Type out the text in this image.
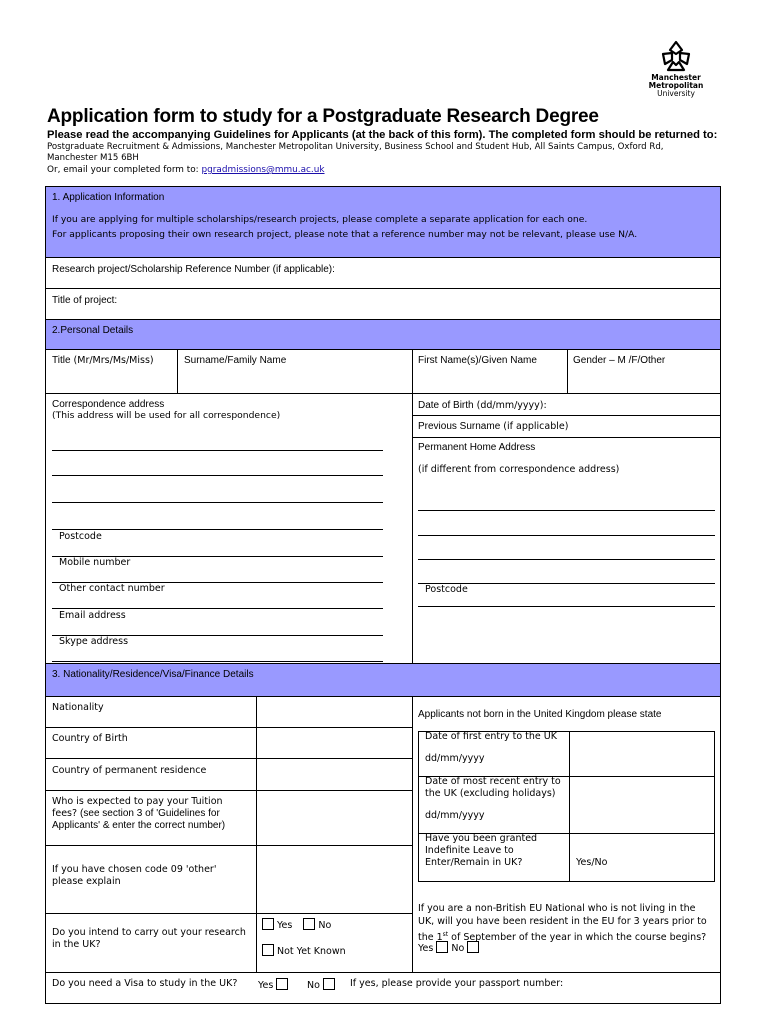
Manchester
Metropolitan
University
Application form to study for a Postgraduate Research Degree
Please read the accompanying Guidelines for Applicants (at the back of this form). The completed form should be returned to:
Postgraduate Recruitment & Admissions, Manchester Metropolitan University, Business School and Student Hub, All Saints Campus, Oxford Rd,
Manchester M15 6BH
Or, email your completed form to: pgradmissions@mmu.ac.uk
1. Application Information
If you are applying for multiple scholarships/research projects, please complete a separate application for each one.
For applicants proposing their own research project, please note that a reference number may not be relevant, please use N/A.
Research project/Scholarship Reference Number (if applicable):
Title of project:
2.Personal Details
Title (Mr/Mrs/Ms/Miss)	Surname/Family Name	First Name(s)/Given Name	Gender – M /F/Other
Correspondence address
(This address will be used for all correspondence)
Postcode
Mobile number
Other contact number
Email address
Skype address
Date of Birth (dd/mm/yyyy):
Previous Surname (if applicable)
Permanent Home Address
(if different from correspondence address)
Postcode
3. Nationality/Residence/Visa/Finance Details
Nationality
Country of Birth
Country of permanent residence
Who is expected to pay your Tuition
fees? (see section 3 of 'Guidelines for
Applicants' & enter the correct number)
If you have chosen code 09 'other'
please explain
Do you intend to carry out your research
in the UK?
Yes	No
Not Yet Known
Applicants not born in the United Kingdom please state
Date of first entry to the UK
dd/mm/yyyy
Date of most recent entry to
the UK (excluding holidays)
dd/mm/yyyy
Have you been granted
Indefinite Leave to
Enter/Remain in UK?	Yes/No
If you are a non-British EU National who is not living in the
UK, will you have been resident in the EU for 3 years prior to
the 1st of September of the year in which the course begins?
Yes No
Do you need a Visa to study in the UK? Yes	No	If yes, please provide your passport number:
